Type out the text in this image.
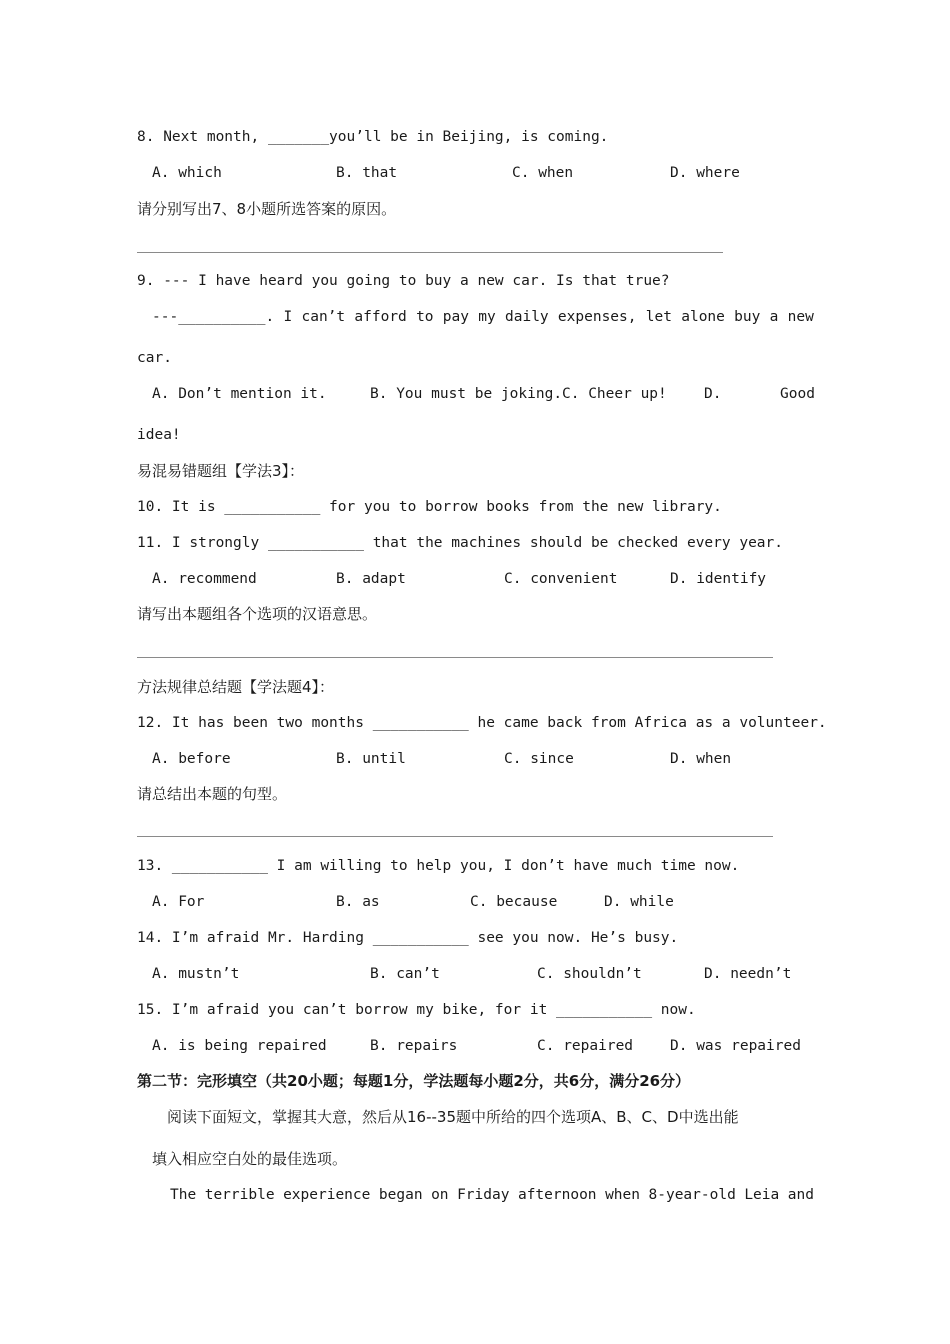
8. Next month, _______you’ll be in Beijing, is coming.

A. which

	B. that

	C. when

	D. where

请分别写出7、8小题所选答案的原因。
9. --- I have heard you going to buy a new car. Is that true?
---__________. I can’t afford to pay my daily expenses, let alone buy a new
car.

A. Don’t mention it.

	B. You must be joking.

C. Cheer up!

	D.

	Good

idea!
易混易错题组【学法3】：
10. It is ___________ for you to borrow books from the new library.
11. I strongly ___________ that the machines should be checked every year.

A. recommend

	B. adapt

	C. convenient

	D. identify

请写出本题组各个选项的汉语意思。
方法规律总结题【学法题4】：
12. It has been two months ___________ he came back from Africa as a volunteer.

A. before

	B. until

	C. since

	D. when

请总结出本题的句型。
13. ___________ I am willing to help you, I don’t have much time now.

A. For

	B. as

	C. because

	D. while

14. I’m afraid Mr. Harding ___________ see you now. He’s busy.

A. mustn’t

	B. can’t

	C. shouldn’t

	D. needn’t

15. I’m afraid you can’t borrow my bike, for it ___________ now.

A. is being repaired

	B. repairs

	C. repaired

	D. was repaired

第二节：完形填空（共20小题；每题1分，学法题每小题2分，共6分，满分26分）
阅读下面短文，掌握其大意，然后从16--35题中所给的四个选项A、B、C、D中选出能
填入相应空白处的最佳选项。
The terrible experience began on Friday afternoon when 8-year-old Leia and
